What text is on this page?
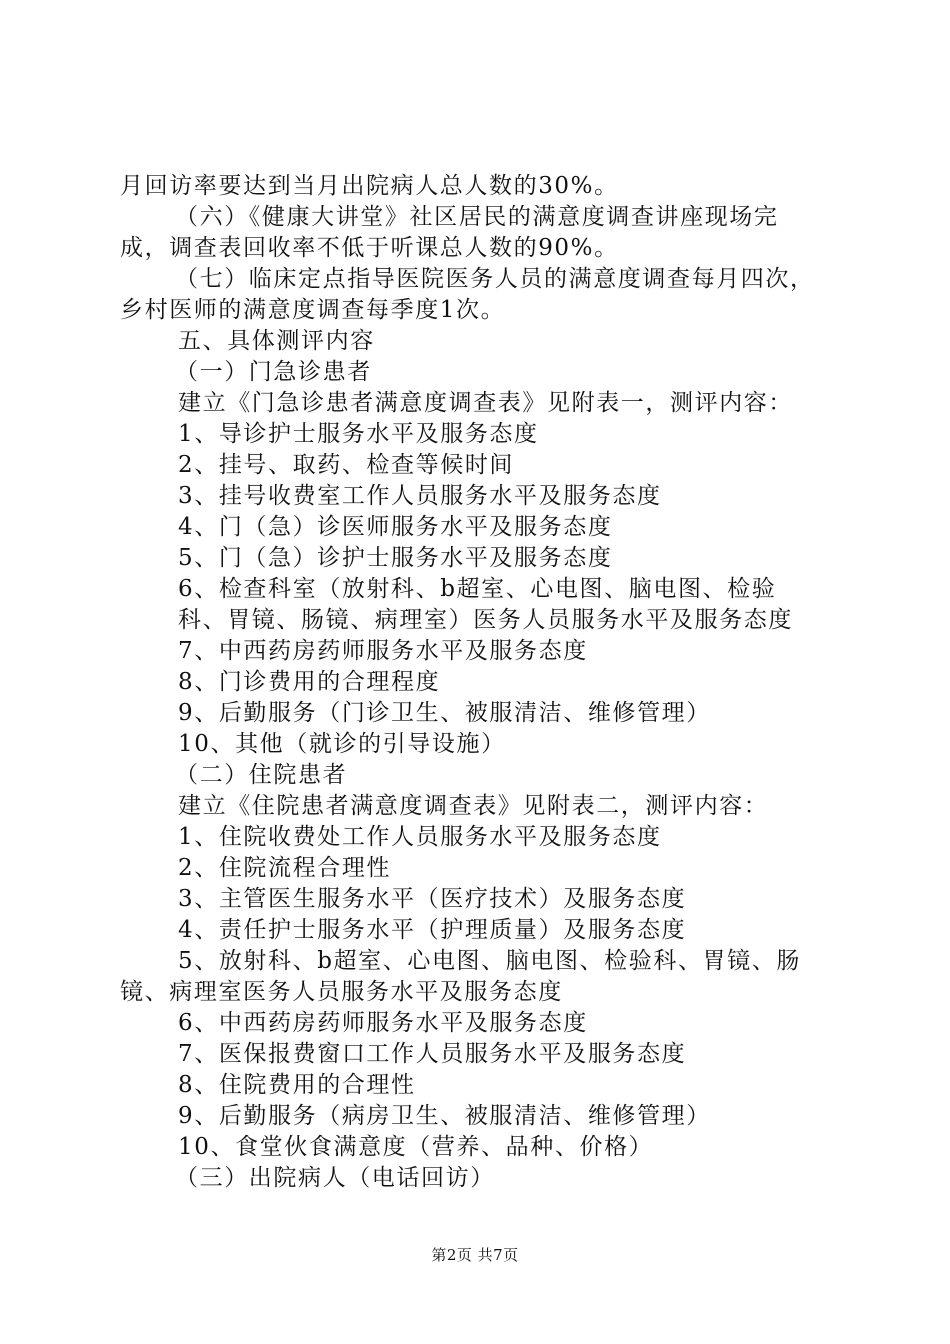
月回访率要达到当月出院病人总人数的30%。
（六）《健康大讲堂》社区居民的满意度调查讲座现场完
成，调查表回收率不低于听课总人数的90%。
（七）临床定点指导医院医务人员的满意度调查每月四次，
乡村医师的满意度调查每季度1次。
五、具体测评内容
（一）门急诊患者
建立《门急诊患者满意度调查表》见附表一，测评内容：
1、导诊护士服务水平及服务态度
2、挂号、取药、检查等候时间
3、挂号收费室工作人员服务水平及服务态度
4、门（急）诊医师服务水平及服务态度
5、门（急）诊护士服务水平及服务态度
6、检查科室（放射科、b超室、心电图、脑电图、检验
科、胃镜、肠镜、病理室）医务人员服务水平及服务态度
7、中西药房药师服务水平及服务态度
8、门诊费用的合理程度
9、后勤服务（门诊卫生、被服清洁、维修管理）
10、其他（就诊的引导设施）
（二）住院患者
建立《住院患者满意度调查表》见附表二，测评内容：
1、住院收费处工作人员服务水平及服务态度
2、住院流程合理性
3、主管医生服务水平（医疗技术）及服务态度
4、责任护士服务水平（护理质量）及服务态度
5、放射科、b超室、心电图、脑电图、检验科、胃镜、肠
镜、病理室医务人员服务水平及服务态度
6、中西药房药师服务水平及服务态度
7、医保报费窗口工作人员服务水平及服务态度
8、住院费用的合理性
9、后勤服务（病房卫生、被服清洁、维修管理）
10、食堂伙食满意度（营养、品种、价格）
（三）出院病人（电话回访）
第2页 共7页
